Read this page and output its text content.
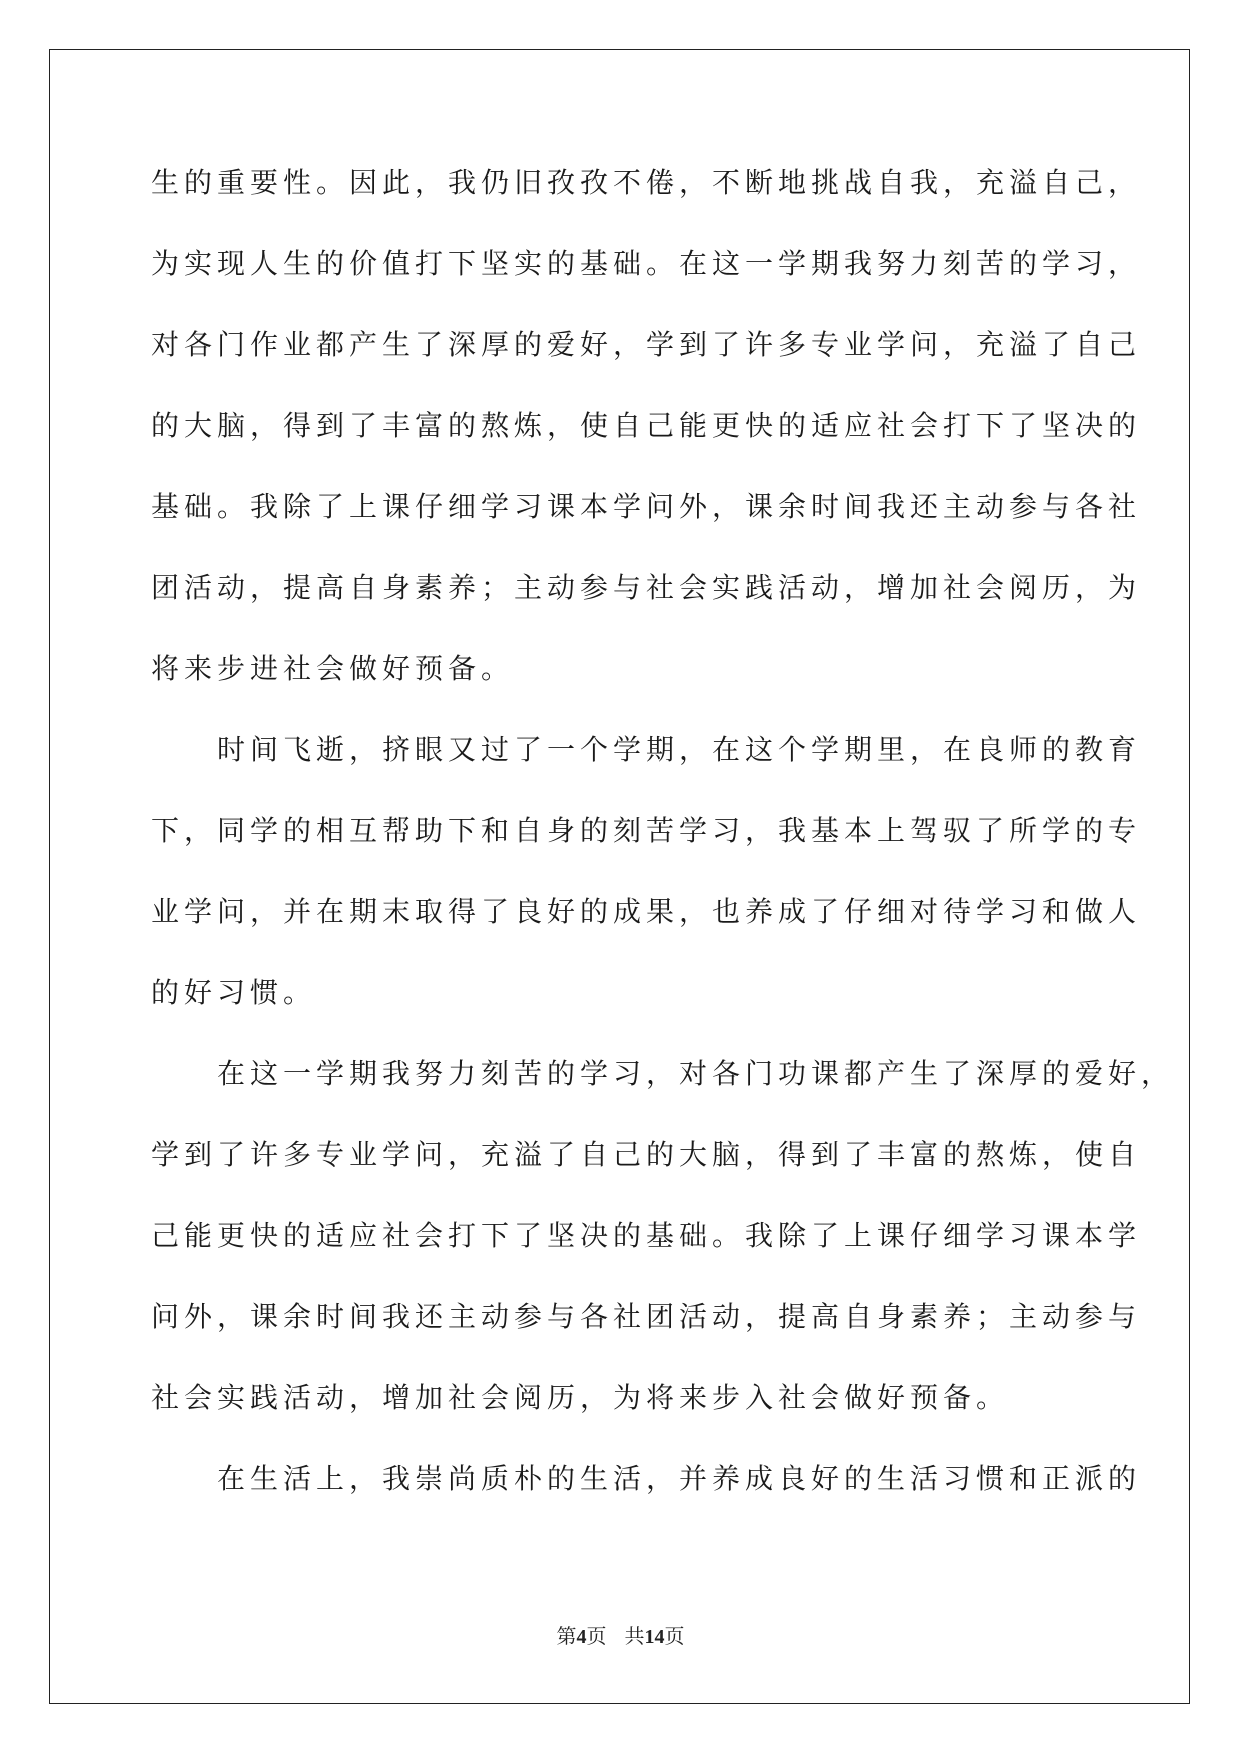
生的重要性。因此，我仍旧孜孜不倦，不断地挑战自我，充溢自己，
为实现人生的价值打下坚实的基础。在这一学期我努力刻苦的学习，
对各门作业都产生了深厚的爱好，学到了许多专业学问，充溢了自己
的大脑，得到了丰富的熬炼，使自己能更快的适应社会打下了坚决的
基础。我除了上课仔细学习课本学问外，课余时间我还主动参与各社
团活动，提高自身素养；主动参与社会实践活动，增加社会阅历，为
将来步进社会做好预备。
时间飞逝，挤眼又过了一个学期，在这个学期里，在良师的教育
下，同学的相互帮助下和自身的刻苦学习，我基本上驾驭了所学的专
业学问，并在期末取得了良好的成果，也养成了仔细对待学习和做人
的好习惯。
在这一学期我努力刻苦的学习，对各门功课都产生了深厚的爱好，
学到了许多专业学问，充溢了自己的大脑，得到了丰富的熬炼，使自
己能更快的适应社会打下了坚决的基础。我除了上课仔细学习课本学
问外，课余时间我还主动参与各社团活动，提高自身素养；主动参与
社会实践活动，增加社会阅历，为将来步入社会做好预备。
在生活上，我崇尚质朴的生活，并养成良好的生活习惯和正派的
第4页 共14页
